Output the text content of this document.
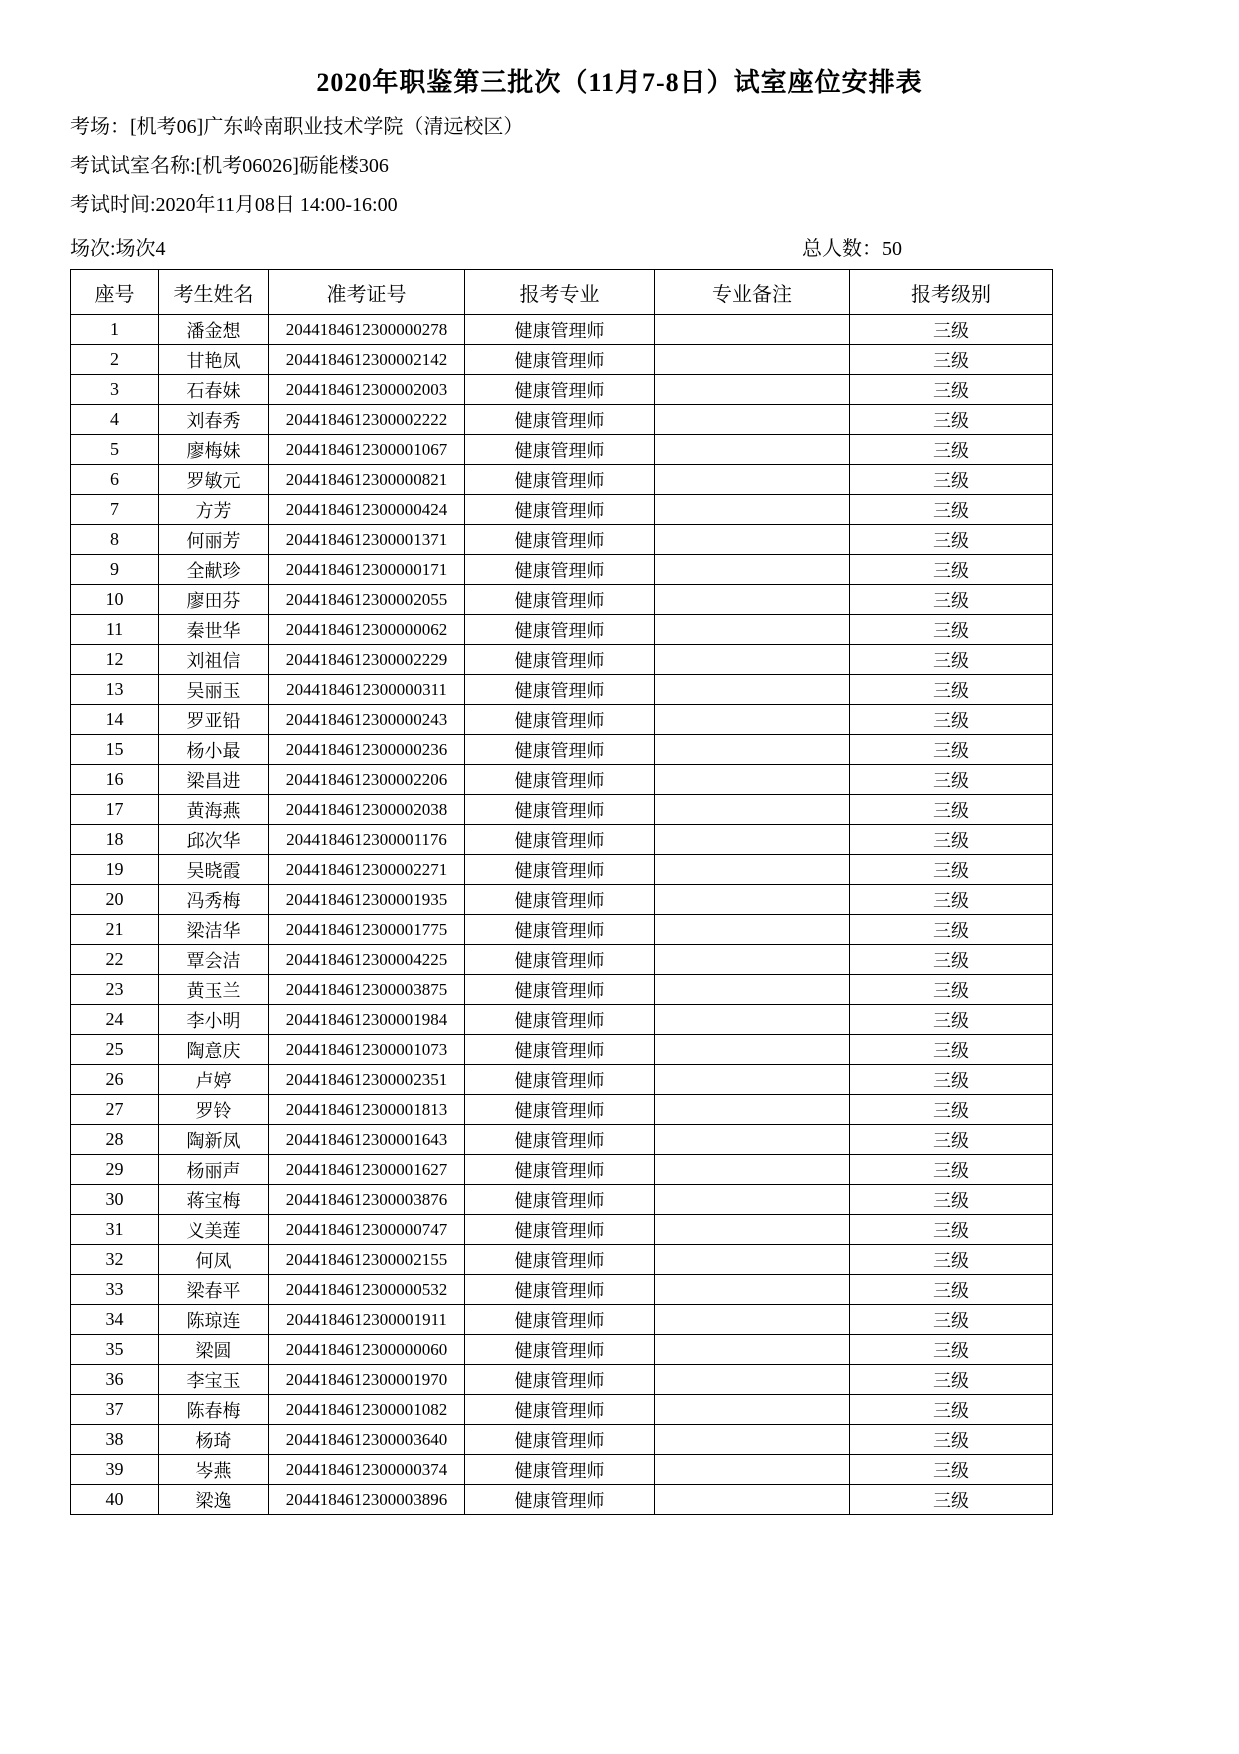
2020年职鉴第三批次（11月7-8日）试室座位安排表

考场：[机考06]广东岭南职业技术学院（清远校区）

考试试室名称:[机考06026]砺能楼306

考试时间:2020年11月08日 14:00-16:00

场次:场次4	总人数：50
座号	考生姓名	准考证号	报考专业	专业备注	报考级别
1	潘金想	2044184612300000278	健康管理师		三级
2	甘艳凤	2044184612300002142	健康管理师		三级
3	石春妹	2044184612300002003	健康管理师		三级
4	刘春秀	2044184612300002222	健康管理师		三级
5	廖梅妹	2044184612300001067	健康管理师		三级
6	罗敏元	2044184612300000821	健康管理师		三级
7	方芳	2044184612300000424	健康管理师		三级
8	何丽芳	2044184612300001371	健康管理师		三级
9	全献珍	2044184612300000171	健康管理师		三级
10	廖田芬	2044184612300002055	健康管理师		三级
11	秦世华	2044184612300000062	健康管理师		三级
12	刘祖信	2044184612300002229	健康管理师		三级
13	吴丽玉	2044184612300000311	健康管理师		三级
14	罗亚铅	2044184612300000243	健康管理师		三级
15	杨小最	2044184612300000236	健康管理师		三级
16	梁昌进	2044184612300002206	健康管理师		三级
17	黄海燕	2044184612300002038	健康管理师		三级
18	邱次华	2044184612300001176	健康管理师		三级
19	吴晓霞	2044184612300002271	健康管理师		三级
20	冯秀梅	2044184612300001935	健康管理师		三级
21	梁洁华	2044184612300001775	健康管理师		三级
22	覃会洁	2044184612300004225	健康管理师		三级
23	黄玉兰	2044184612300003875	健康管理师		三级
24	李小明	2044184612300001984	健康管理师		三级
25	陶意庆	2044184612300001073	健康管理师		三级
26	卢婷	2044184612300002351	健康管理师		三级
27	罗铃	2044184612300001813	健康管理师		三级
28	陶新凤	2044184612300001643	健康管理师		三级
29	杨丽声	2044184612300001627	健康管理师		三级
30	蒋宝梅	2044184612300003876	健康管理师		三级
31	义美莲	2044184612300000747	健康管理师		三级
32	何凤	2044184612300002155	健康管理师		三级
33	梁春平	2044184612300000532	健康管理师		三级
34	陈琼连	2044184612300001911	健康管理师		三级
35	梁圆	2044184612300000060	健康管理师		三级
36	李宝玉	2044184612300001970	健康管理师		三级
37	陈春梅	2044184612300001082	健康管理师		三级
38	杨琦	2044184612300003640	健康管理师		三级
39	岑燕	2044184612300000374	健康管理师		三级
40	梁逸	2044184612300003896	健康管理师		三级
